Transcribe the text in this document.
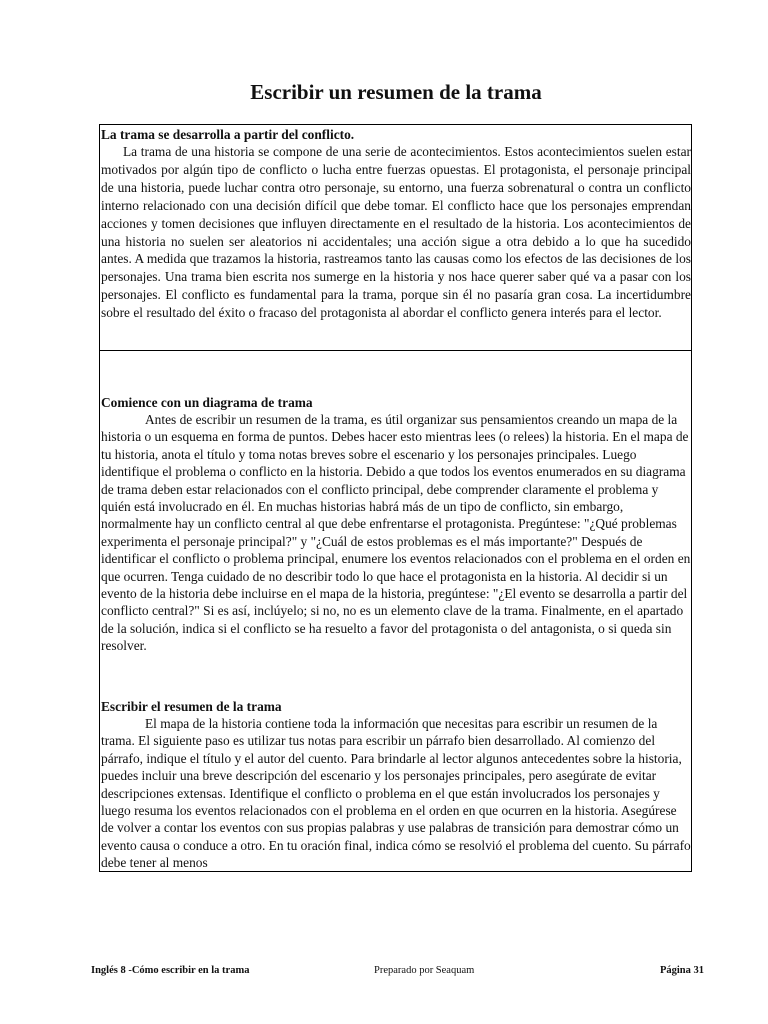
Escribir un resumen de la trama
La trama se desarrolla a partir del conflicto.

La trama de una historia se compone de una serie de acontecimientos. Estos acontecimientos suelen estar motivados por algún tipo de conflicto o lucha entre fuerzas opuestas. El protagonista, el personaje principal de una historia, puede luchar contra otro personaje, su entorno, una fuerza sobrenatural o contra un conflicto interno relacionado con una decisión difícil que debe tomar. El conflicto hace que los personajes emprendan acciones y tomen decisiones que influyen directamente en el resultado de la historia. Los acontecimientos de una historia no suelen ser aleatorios ni accidentales; una acción sigue a otra debido a lo que ha sucedido antes. A medida que trazamos la historia, rastreamos tanto las causas como los efectos de las decisiones de los personajes. Una trama bien escrita nos sumerge en la historia y nos hace querer saber qué va a pasar con los personajes. El conflicto es fundamental para la trama, porque sin él no pasaría gran cosa. La incertidumbre sobre el resultado del éxito o fracaso del protagonista al abordar el conflicto genera interés para el lector.

Comience con un diagrama de trama

Antes de escribir un resumen de la trama, es útil organizar sus pensamientos creando un mapa de la historia o un esquema en forma de puntos. Debes hacer esto mientras lees (o relees) la historia. En el mapa de tu historia, anota el título y toma notas breves sobre el escenario y los personajes principales. Luego identifique el problema o conflicto en la historia. Debido a que todos los eventos enumerados en su diagrama de trama deben estar relacionados con el conflicto principal, debe comprender claramente el problema y quién está involucrado en él. En muchas historias habrá más de un tipo de conflicto, sin embargo, normalmente hay un conflicto central al que debe enfrentarse el protagonista. Pregúntese: "¿Qué problemas experimenta el personaje principal?" y "¿Cuál de estos problemas es el más importante?" Después de identificar el conflicto o problema principal, enumere los eventos relacionados con el problema en el orden en que ocurren. Tenga cuidado de no describir todo lo que hace el protagonista en la historia. Al decidir si un evento de la historia debe incluirse en el mapa de la historia, pregúntese: "¿El evento se desarrolla a partir del conflicto central?" Si es así, inclúyelo; si no, no es un elemento clave de la trama. Finalmente, en el apartado de la solución, indica si el conflicto se ha resuelto a favor del protagonista o del antagonista, o si queda sin resolver.

Escribir el resumen de la trama

El mapa de la historia contiene toda la información que necesitas para escribir un resumen de la trama. El siguiente paso es utilizar tus notas para escribir un párrafo bien desarrollado. Al comienzo del párrafo, indique el título y el autor del cuento. Para brindarle al lector algunos antecedentes sobre la historia, puedes incluir una breve descripción del escenario y los personajes principales, pero asegúrate de evitar descripciones extensas. Identifique el conflicto o problema en el que están involucrados los personajes y luego resuma los eventos relacionados con el problema en el orden en que ocurren en la historia. Asegúrese de volver a contar los eventos con sus propias palabras y use palabras de transición para demostrar cómo un evento causa o conduce a otro. En tu oración final, indica cómo se resolvió el problema del cuento. Su párrafo debe tener al menos

Inglés 8 -Cómo escribir en la trama	Preparado por Seaquam	Página 31
